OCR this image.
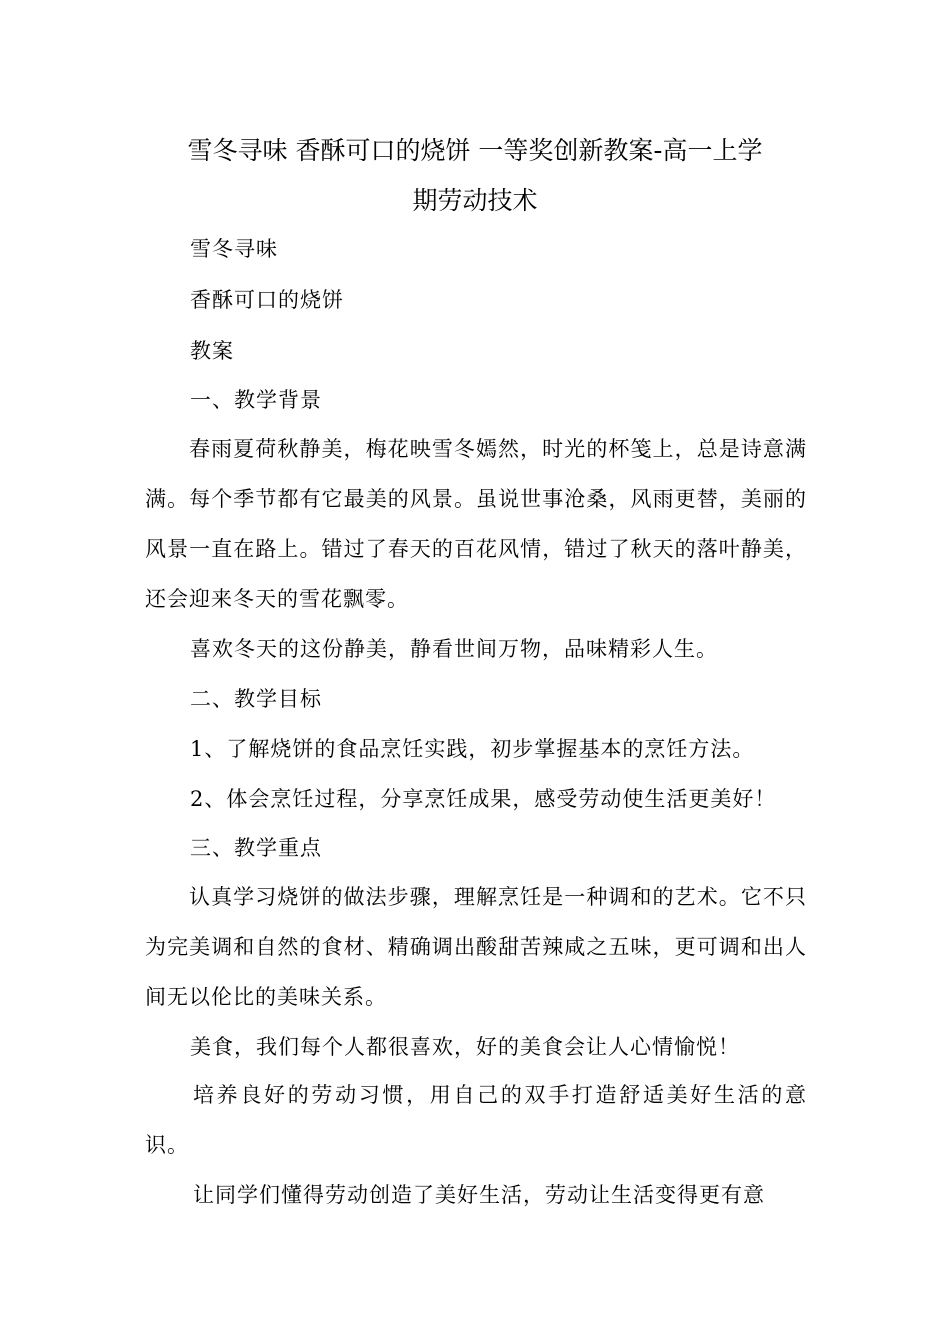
雪冬寻味 香酥可口的烧饼 一等奖创新教案-高一上学
期劳动技术

雪冬寻味

香酥可口的烧饼

教案

一、教学背景

春雨夏荷秋静美，梅花映雪冬嫣然，时光的杯笺上，总是诗意满满。每个季节都有它最美的风景。虽说世事沧桑，风雨更替，美丽的风景一直在路上。错过了春天的百花风情，错过了秋天的落叶静美，还会迎来冬天的雪花飘零。

喜欢冬天的这份静美，静看世间万物，品味精彩人生。

二、教学目标

1、了解烧饼的食品烹饪实践，初步掌握基本的烹饪方法。

2、体会烹饪过程，分享烹饪成果，感受劳动使生活更美好！

三、教学重点

认真学习烧饼的做法步骤，理解烹饪是一种调和的艺术。它不只为完美调和自然的食材、精确调出酸甜苦辣咸之五味，更可调和出人间无以伦比的美味关系。

美食，我们每个人都很喜欢，好的美食会让人心情愉悦！

培养良好的劳动习惯，用自己的双手打造舒适美好生活的意识。

让同学们懂得劳动创造了美好生活，劳动让生活变得更有意
